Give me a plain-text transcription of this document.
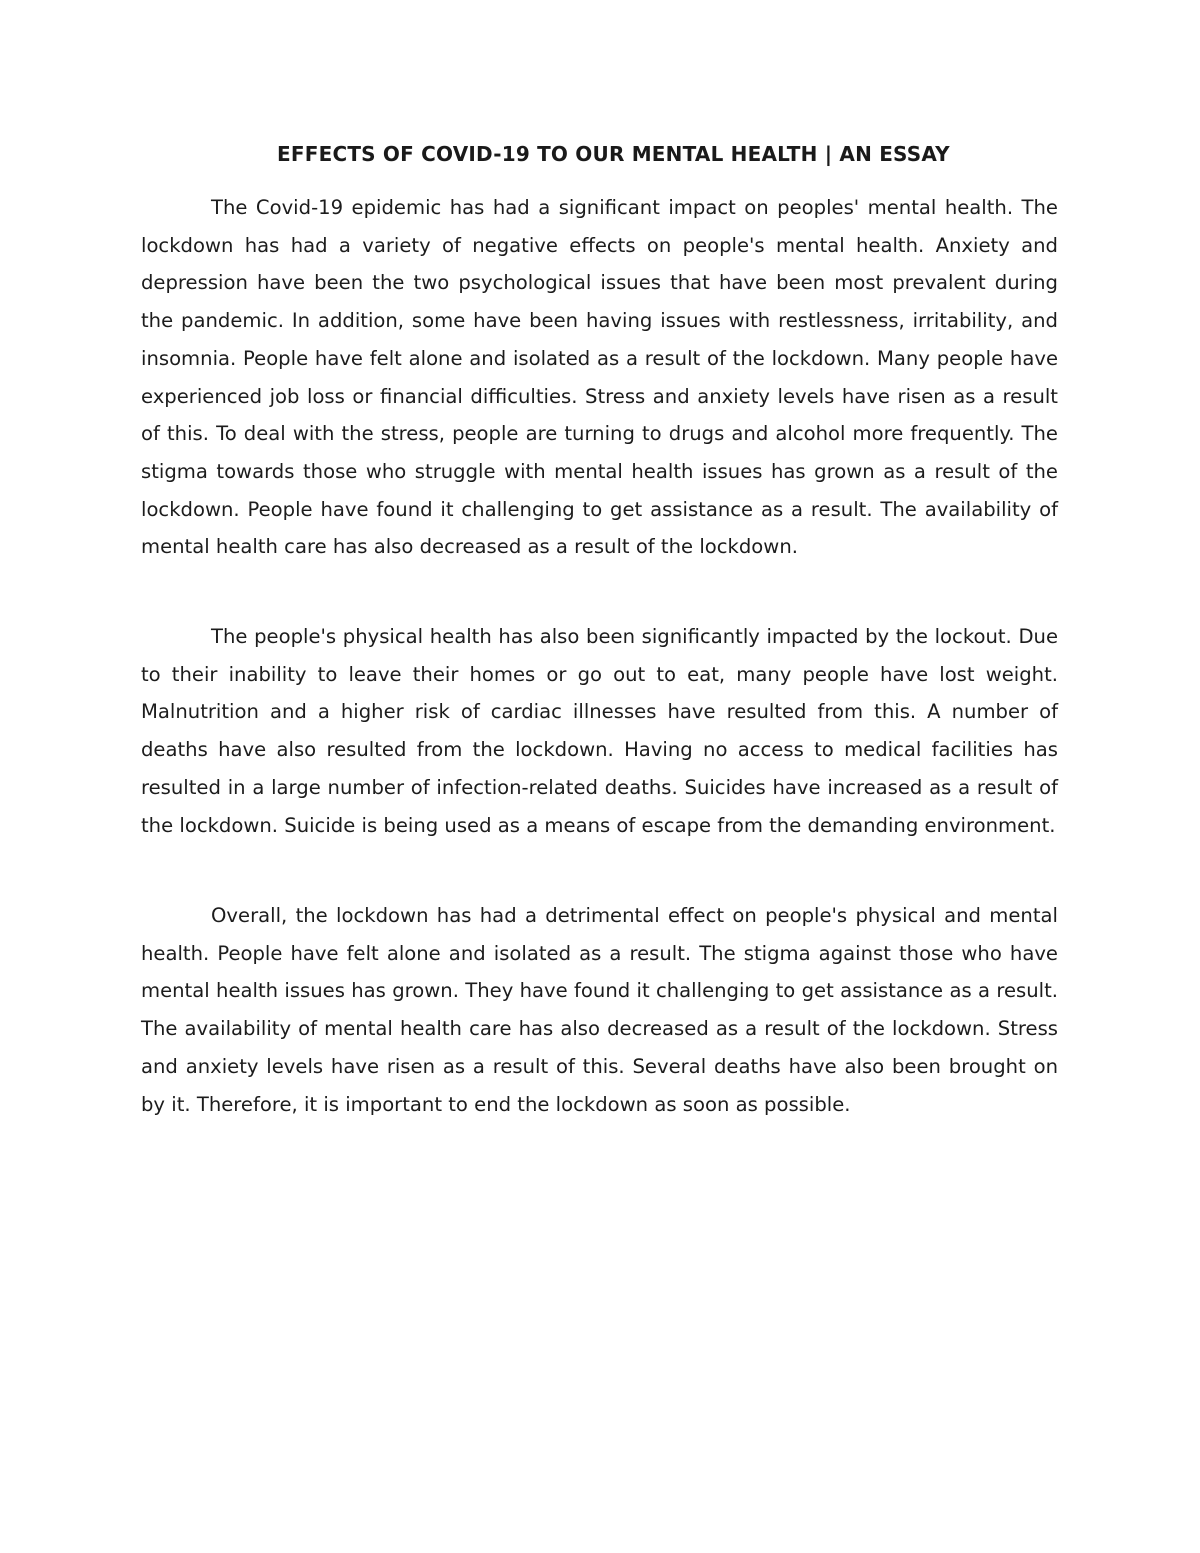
EFFECTS OF COVID-19 TO OUR MENTAL HEALTH | AN ESSAY

The Covid-19 epidemic has had a significant impact on peoples' mental health. The lockdown has had a variety of negative effects on people's mental health. Anxiety and depression have been the two psychological issues that have been most prevalent during the pandemic. In addition, some have been having issues with restlessness, irritability, and insomnia. People have felt alone and isolated as a result of the lockdown. Many people have experienced job loss or financial difficulties. Stress and anxiety levels have risen as a result of this. To deal with the stress, people are turning to drugs and alcohol more frequently. The stigma towards those who struggle with mental health issues has grown as a result of the lockdown. People have found it challenging to get assistance as a result. The availability of mental health care has also decreased as a result of the lockdown.

The people's physical health has also been significantly impacted by the lockout. Due to their inability to leave their homes or go out to eat, many people have lost weight. Malnutrition and a higher risk of cardiac illnesses have resulted from this. A number of deaths have also resulted from the lockdown. Having no access to medical facilities has resulted in a large number of infection-related deaths. Suicides have increased as a result of the lockdown. Suicide is being used as a means of escape from the demanding environment.

Overall, the lockdown has had a detrimental effect on people's physical and mental health. People have felt alone and isolated as a result. The stigma against those who have mental health issues has grown. They have found it challenging to get assistance as a result. The availability of mental health care has also decreased as a result of the lockdown. Stress and anxiety levels have risen as a result of this. Several deaths have also been brought on by it. Therefore, it is important to end the lockdown as soon as possible.
